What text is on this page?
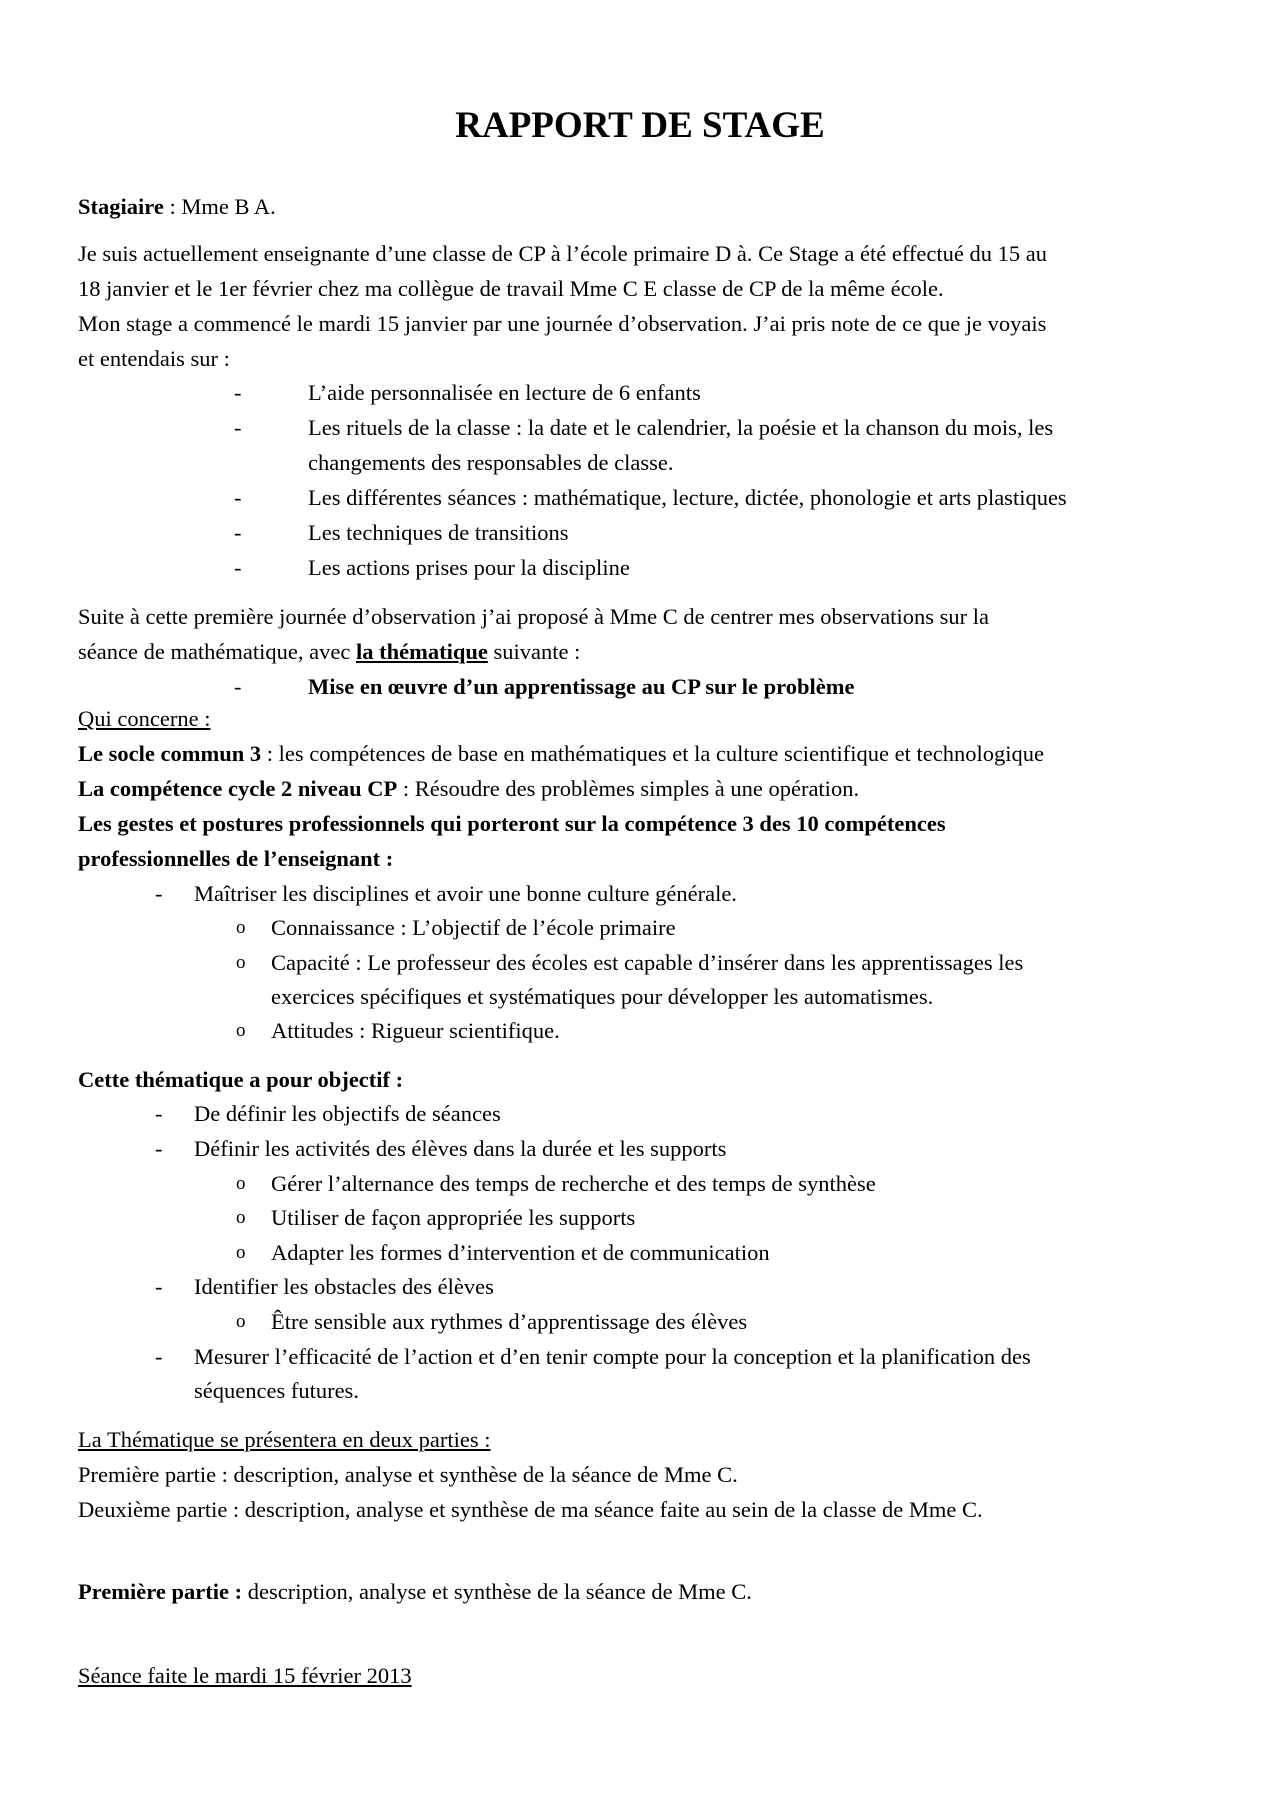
RAPPORT DE STAGE
Stagiaire : Mme B A.
Je suis actuellement enseignante d’une classe de CP à l’école primaire D à. Ce Stage a été effectué du 15 au
18 janvier et le 1er février chez ma collègue de travail Mme C E classe de CP de la même école.
Mon stage a commencé le mardi 15 janvier par une journée d’observation. J’ai pris note de ce que je voyais
et entendais sur :
-	L’aide personnalisée en lecture de 6 enfants
-	Les rituels de la classe : la date et le calendrier, la poésie et la chanson du mois, les
changements des responsables de classe.
-	Les différentes séances : mathématique, lecture, dictée, phonologie et arts plastiques
-	Les techniques de transitions
-	Les actions prises pour la discipline
Suite à cette première journée d’observation j’ai proposé à Mme C de centrer mes observations sur la
séance de mathématique, avec la thématique suivante :
-	Mise en œuvre d’un apprentissage au CP sur le problème
Qui concerne :
Le socle commun 3 : les compétences de base en mathématiques et la culture scientifique et technologique
La compétence cycle 2 niveau CP : Résoudre des problèmes simples à une opération.
Les gestes et postures professionnels qui porteront sur la compétence 3 des 10 compétences
professionnelles de l’enseignant :
- Maîtriser les disciplines et avoir une bonne culture générale.
o Connaissance : L’objectif de l’école primaire
o Capacité : Le professeur des écoles est capable d’insérer dans les apprentissages les
exercices spécifiques et systématiques pour développer les automatismes.
o Attitudes : Rigueur scientifique.
Cette thématique a pour objectif :
- De définir les objectifs de séances
- Définir les activités des élèves dans la durée et les supports
o Gérer l’alternance des temps de recherche et des temps de synthèse
o Utiliser de façon appropriée les supports
o Adapter les formes d’intervention et de communication
- Identifier les obstacles des élèves
o Être sensible aux rythmes d’apprentissage des élèves
- Mesurer l’efficacité de l’action et d’en tenir compte pour la conception et la planification des
séquences futures.
La Thématique se présentera en deux parties :
Première partie : description, analyse et synthèse de la séance de Mme C.
Deuxième partie : description, analyse et synthèse de ma séance faite au sein de la classe de Mme C.
Première partie : description, analyse et synthèse de la séance de Mme C.
Séance faite le mardi 15 février 2013
